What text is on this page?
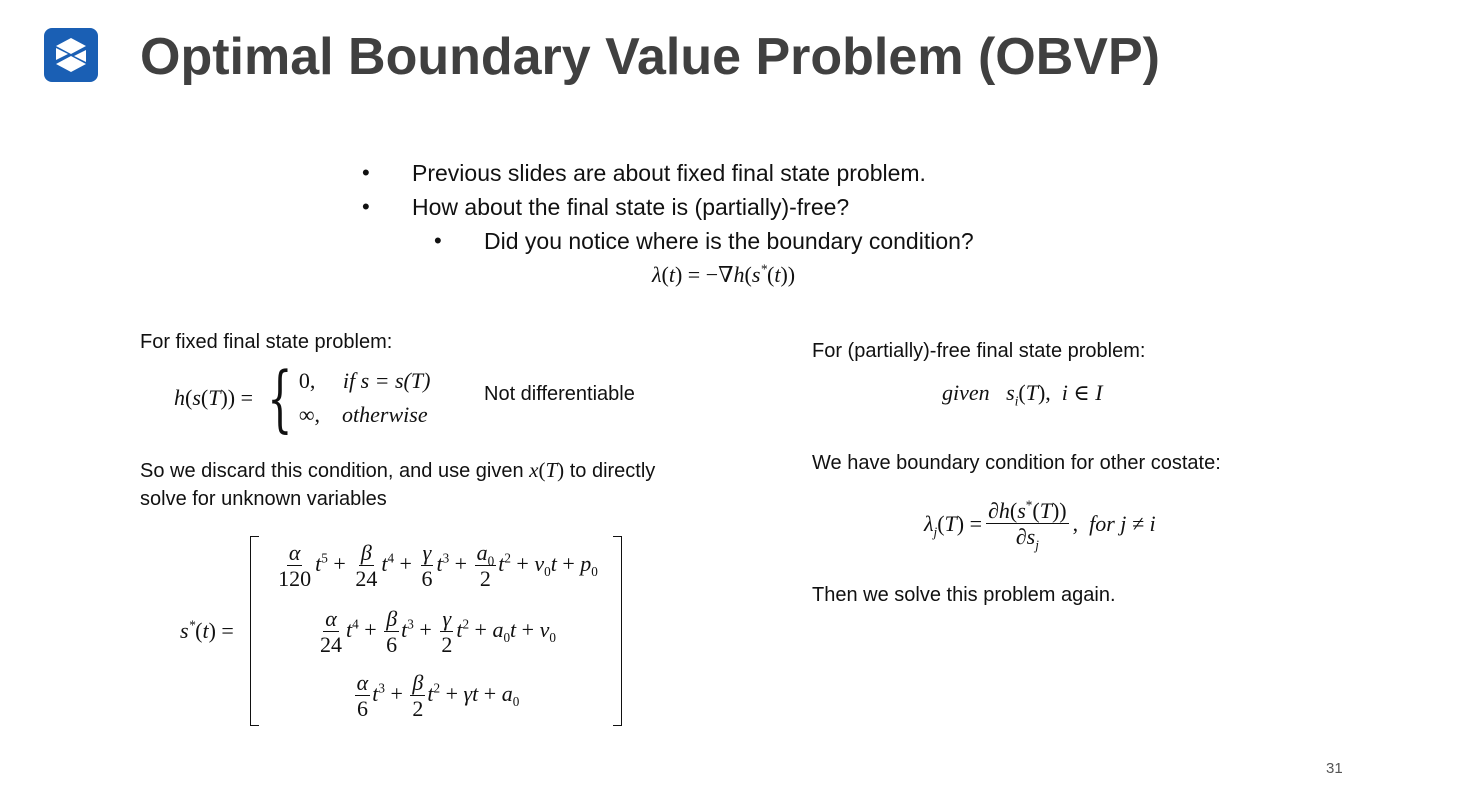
Optimal Boundary Value Problem (OBVP)
•	Previous slides are about fixed final state problem.
•	How about the final state is (partially)-free?
•	Did you notice where is the boundary condition?
λ(t) = −∇h(s*(t))
For fixed final state problem:
h(s(T)) = { 0, if s = s(T)
∞, otherwise
Not differentiable
So we discard this condition, and use given x(T) to directly
solve for unknown variables
s*(t) =
$\frac{\alpha}{120} t^5 + \frac{\beta}{24} t^4 + \frac{\gamma}{6} t^3 + \frac{a_0}{2} t^2 + v_0t + p_0$
$\frac{\alpha}{24} t^4 + \frac{\beta}{6} t^3 + \frac{\gamma}{2} t^2 + a_0t + v_0$
$\frac{\alpha}{6} t^3 + \frac{\beta}{2} t^2 + \gamma t + a_0$
For (partially)-free final state problem:
given   $s_i(T)$,  i ∈ I
We have boundary condition for other costate:
$\lambda_j(T) = \frac{\partial h(s^*(T))}{\partial s_j}$ ,
for j ≠ i
Then we solve this problem again.
31
